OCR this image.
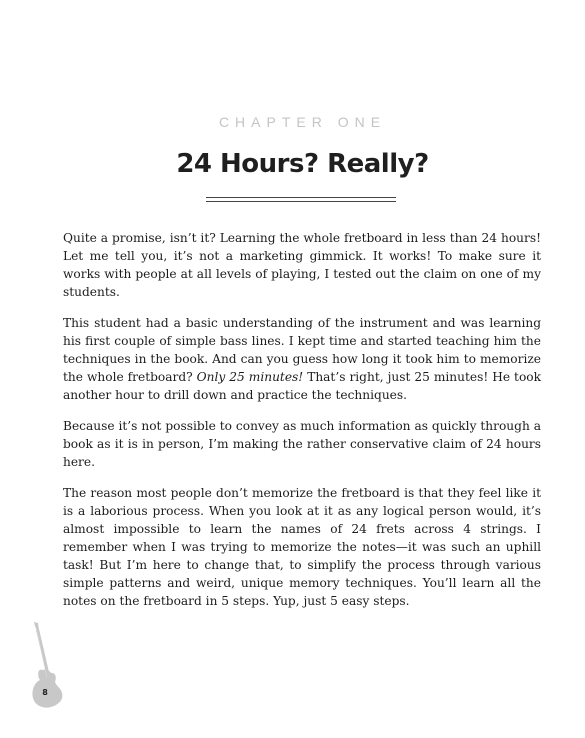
CHAPTER ONE
24 Hours? Really?

Quite a promise, isn’t it? Learning the whole fretboard in less than 24 hours! Let me tell you, it’s not a marketing gimmick. It works! To make sure it works with people at all levels of playing, I tested out the claim on one of my students.

This student had a basic understanding of the instrument and was learning his first couple of simple bass lines. I kept time and started teaching him the techniques in the book. And can you guess how long it took him to memorize the whole fretboard? Only 25 minutes! That’s right, just 25 minutes! He took another hour to drill down and practice the techniques.

Because it’s not possible to convey as much information as quickly through a book as it is in person, I’m making the rather conservative claim of 24 hours here.

The reason most people don’t memorize the fretboard is that they feel like it is a laborious process. When you look at it as any logical person would, it’s almost impossible to learn the names of 24 frets across 4 strings. I remember when I was trying to memorize the notes—it was such an uphill task! But I’m here to change that, to simplify the process through various simple patterns and weird, unique memory techniques. You’ll learn all the notes on the fretboard in 5 steps. Yup, just 5 easy steps.

8
